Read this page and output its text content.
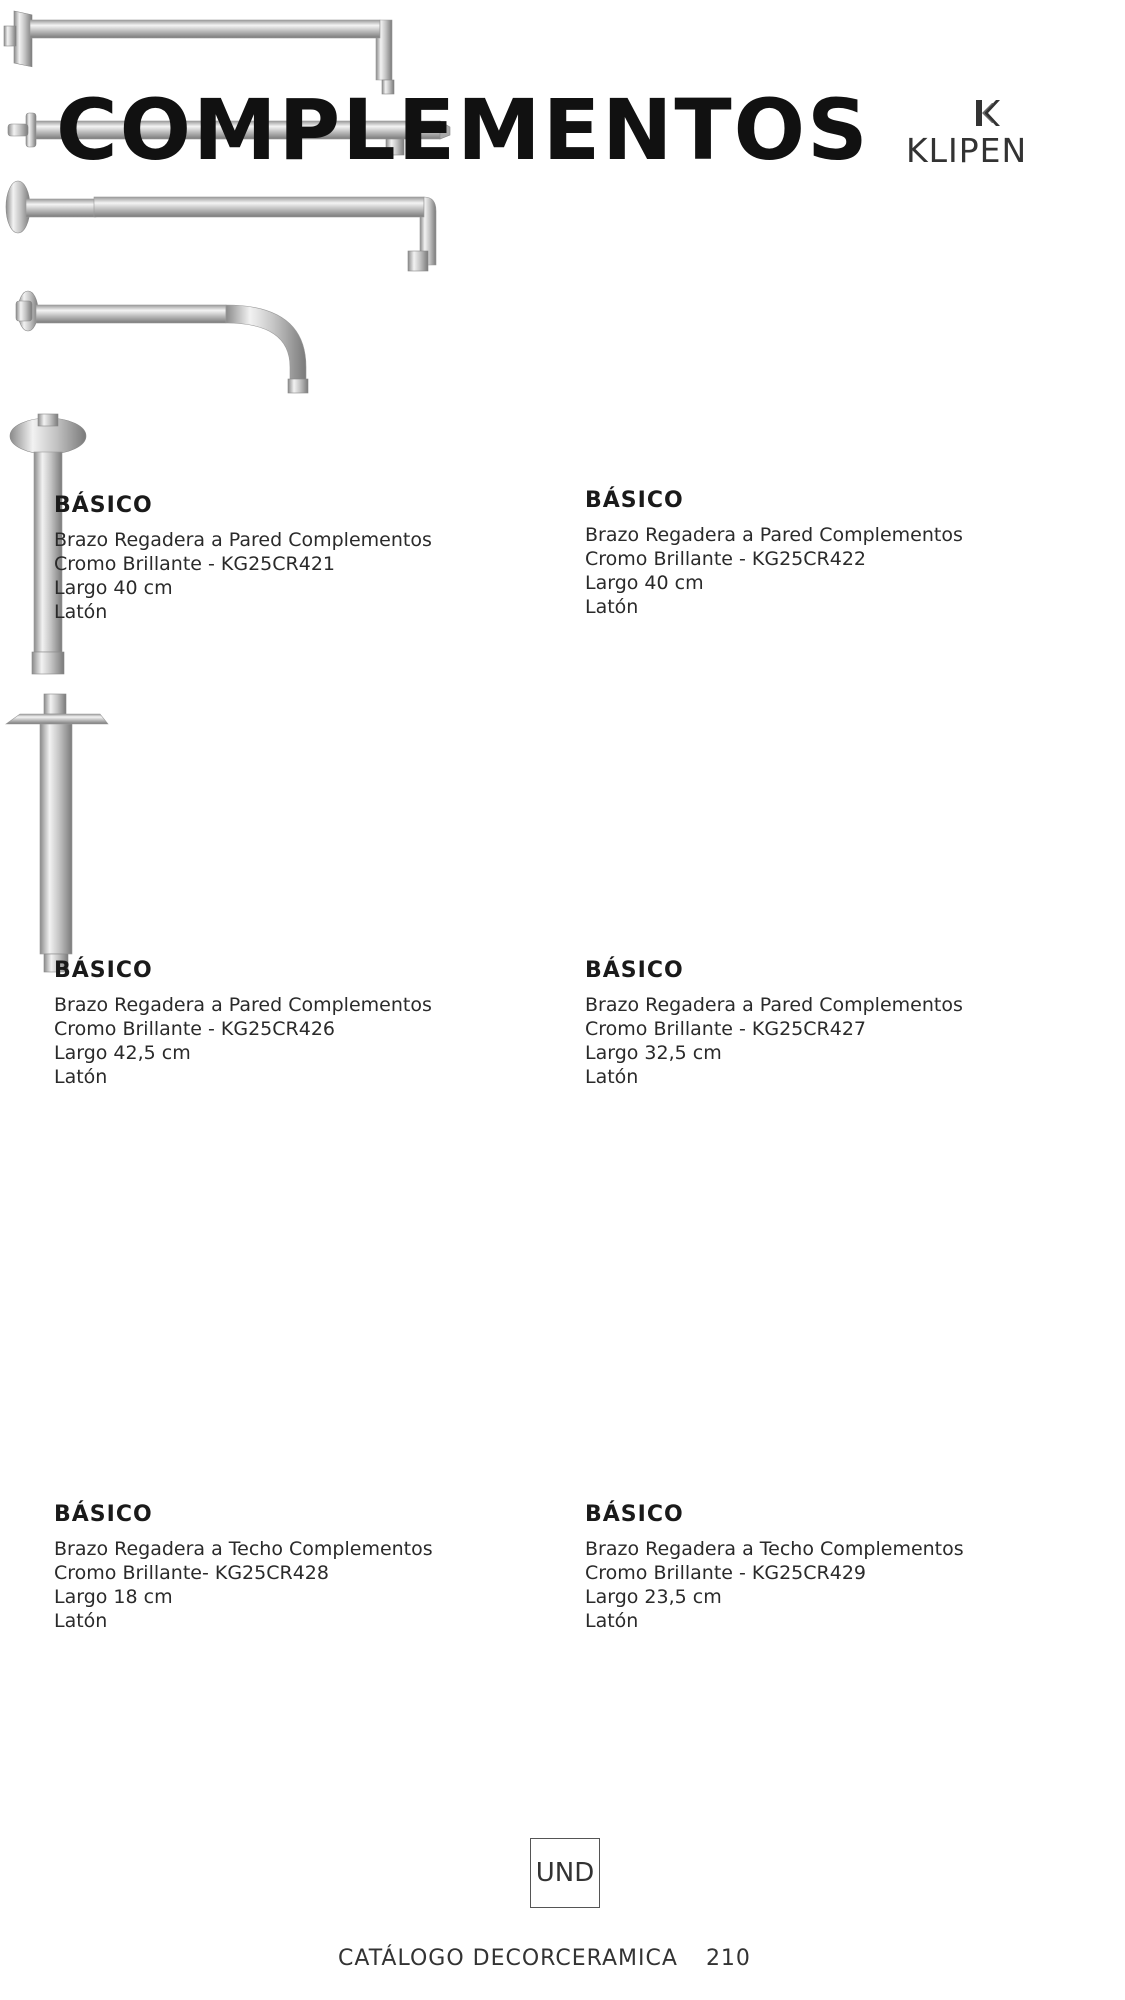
COMPLEMENTOS KLIPEN
BÁSICO
Brazo Regadera a Pared Complementos
Cromo Brillante - KG25CR421
Largo 40 cm
Latón
BÁSICO
Brazo Regadera a Pared Complementos
Cromo Brillante - KG25CR422
Largo 40 cm
Latón
BÁSICO
Brazo Regadera a Pared Complementos
Cromo Brillante - KG25CR426
Largo 42,5 cm
Latón
BÁSICO
Brazo Regadera a Pared Complementos
Cromo Brillante - KG25CR427
Largo 32,5 cm
Latón
BÁSICO
Brazo Regadera a Techo Complementos
Cromo Brillante- KG25CR428
Largo 18 cm
Latón
BÁSICO
Brazo Regadera a Techo Complementos
Cromo Brillante - KG25CR429
Largo 23,5 cm
Latón
UND
CATÁLOGO DECORCERAMICA 210
